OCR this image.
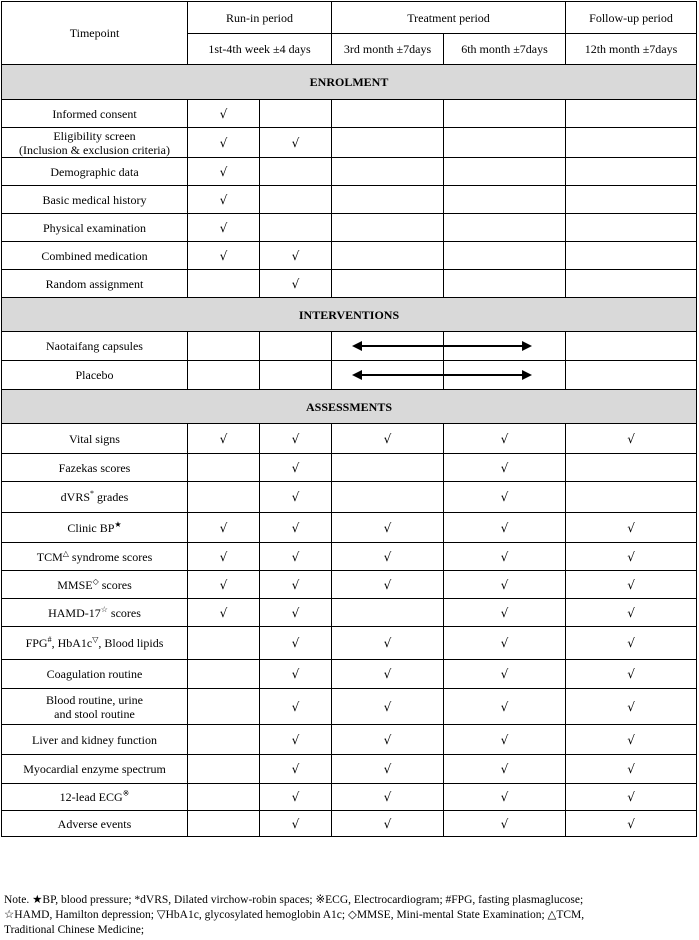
Timepoint	Run-in period		Treatment period		Follow-up period
	1st-4th week ±4 days		3rd month ±7days	6th month ±7days	12th month ±7days
ENROLMENT					
Informed consent	√				

Eligibility screen
(Inclusion & exclusion criteria)	√	√			
Demographic data	√				
Basic medical history	√				
Physical examination	√				
Combined medication	√	√			
Random assignment		√			
INTERVENTIONS					
Naotaifang capsules					
Placebo					
ASSESSMENTS					
Vital signs	√	√	√	√	√
Fazekas scores		√		√	
dVRS* grades		√		√	
Clinic BP★	√	√	√	√	√
TCM△ syndrome scores	√	√	√	√	√
MMSE◇ scores	√	√	√	√	√
HAMD-17☆ scores	√	√		√	√
FPG#, HbA1c▽, Blood lipids		√	√	√	√
Coagulation routine		√	√	√	√

Blood routine, urine
and stool routine		√	√	√	√
Liver and kidney function		√	√	√	√
Myocardial enzyme spectrum		√	√	√	√
12-lead ECG※		√	√	√	√
Adverse events		√	√	√	√
Note. ★BP, blood pressure; *dVRS, Dilated virchow-robin spaces; ※ECG, Electrocardiogram; #FPG, fasting plasmaglucose;
☆HAMD, Hamilton depression; ▽HbA1c, glycosylated hemoglobin A1c; ◇MMSE, Mini-mental State Examination; △TCM,
Traditional Chinese Medicine;
